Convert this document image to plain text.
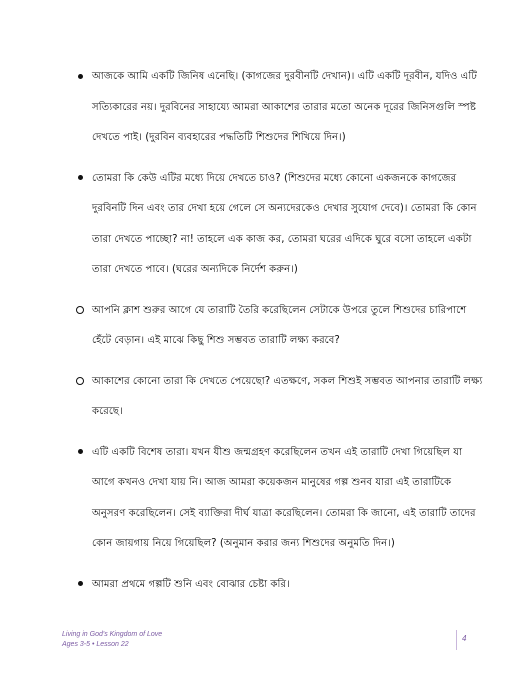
আজকে আমি একটি জিনিষ এনেছি। (কাগজের দুরবীনটি দেখান)। এটি একটি দূরবীন, যদিও এটি সত্যিকারের নয়। দুরবিনের সাহায্যে আমরা আকাশের তারার মতো অনেক দূরের জিনিসগুলি স্পষ্ট দেখতে পাই। (দুরবিন ব্যবহারের পদ্ধতিটি শিশুদের শিখিয়ে দিন।)
তোমরা কি কেউ এটির মধ্যে দিয়ে দেখতে চাও? (শিশুদের মধ্যে কোনো একজনকে কাগজের দুরবিনটি দিন এবং তার দেখা হয়ে গেলে সে অন্যদেরকেও দেখার সুযোগ দেবে)। তোমরা কি কোন তারা দেখতে পাচ্ছো? না! তাহলে এক কাজ কর, তোমরা ঘরের এদিকে ঘুরে বসো তাহলে একটা তারা দেখতে পাবে। (ঘরের অন্যদিকে নির্দেশ করুন।)
আপনি ক্লাশ শুরুর আগে যে তারাটি তৈরি করেছিলেন সেটাকে উপরে তুলে শিশুদের চারিপাশে হেঁটে বেড়ান। এই মাঝে কিছু শিশু সম্ভবত তারাটি লক্ষ্য করবে?
আকাশের কোনো তারা কি দেখতে পেয়েছো? এতক্ষণে, সকল শিশুই সম্ভবত আপনার তারাটি লক্ষ্য করেছে।
এটি একটি বিশেষ তারা। যখন যীশু জন্মগ্রহণ করেছিলেন তখন এই তারাটি দেখা গিয়েছিল যা আগে কখনও দেখা যায় নি। আজ আমরা কয়েকজন মানুষের গল্প শুনব যারা এই তারাটিকে অনুসরণ করেছিলেন। সেই ব্যাক্তিরা দীর্ঘ যাত্রা করেছিলেন। তোমরা কি জানো, এই তারাটি তাদের কোন জায়গায় নিয়ে গিয়েছিল? (অনুমান করার জন্য শিশুদের অনুমতি দিন।)
আমরা প্রথমে গল্পটি শুনি এবং বোঝার চেষ্টা করি।
Living in God's Kingdom of Love
Ages 3-5 • Lesson 22
4
